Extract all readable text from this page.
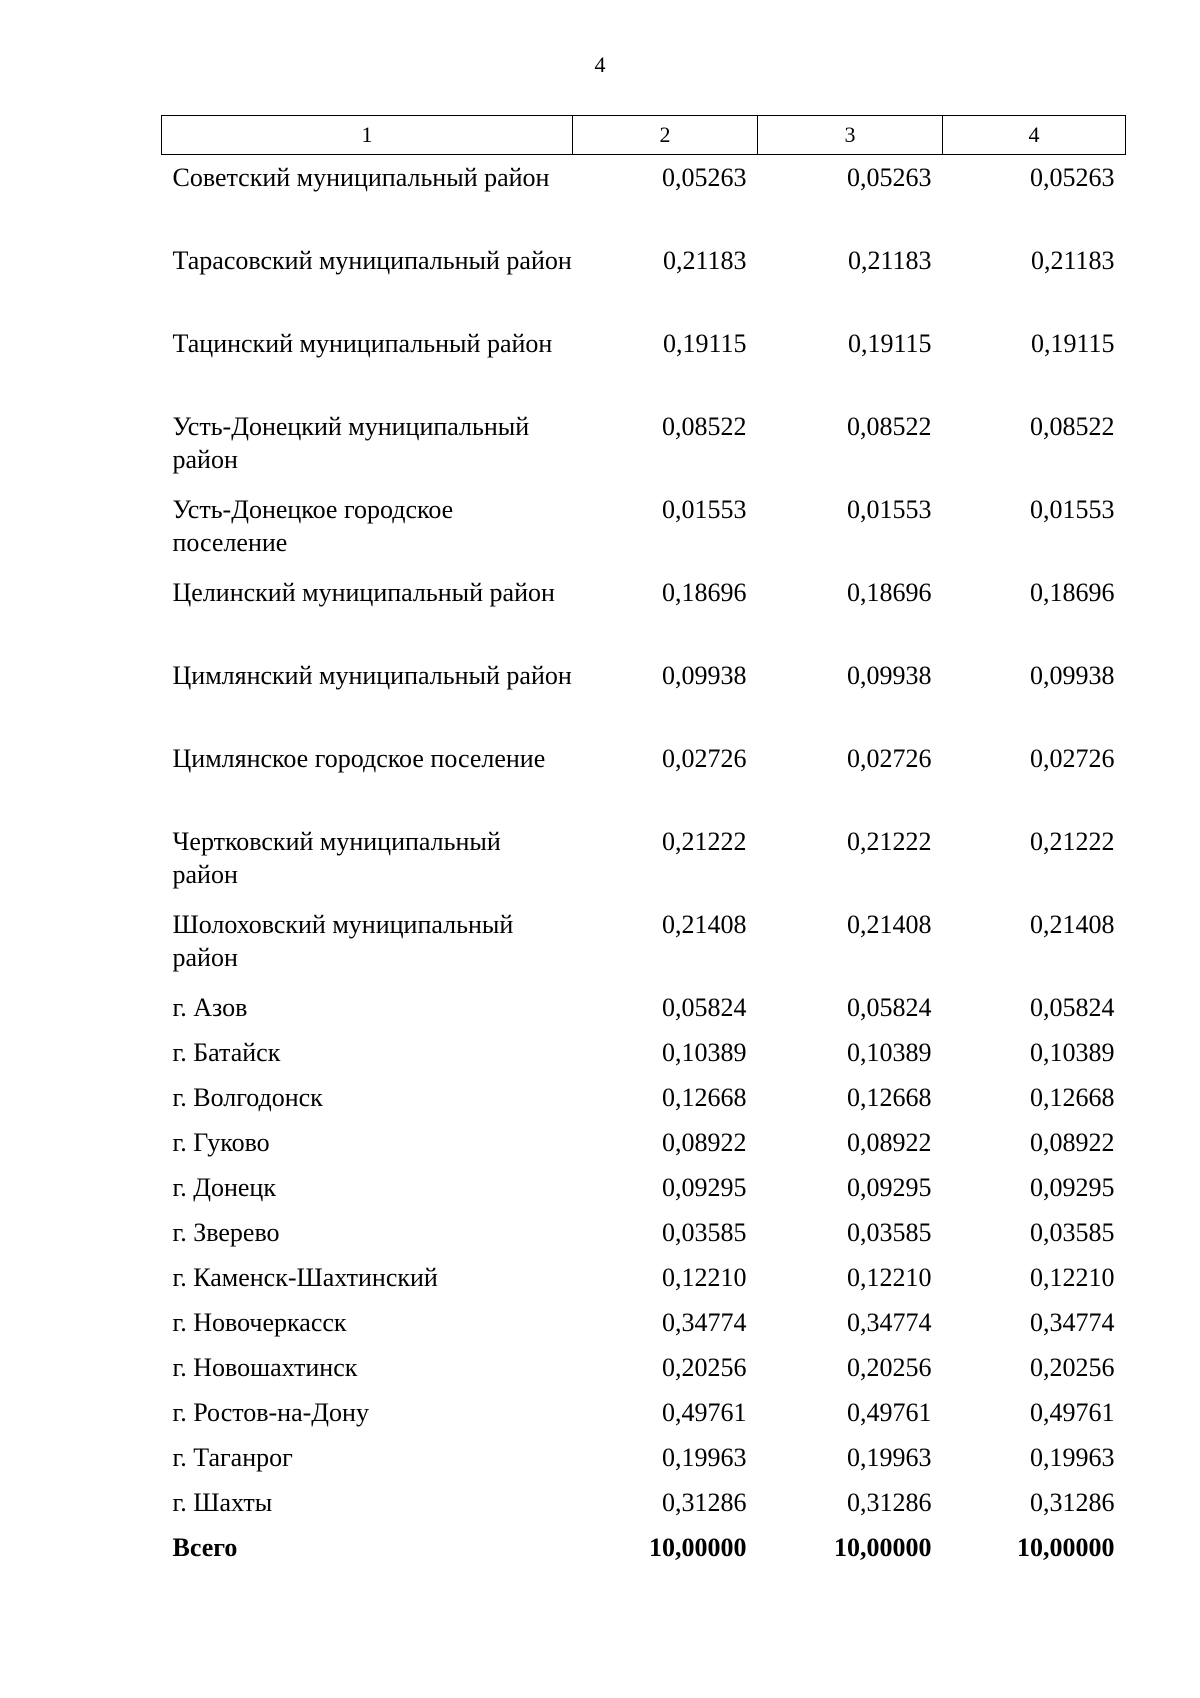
4
1	2	3	4
Советский муниципальный район	0,05263	0,05263	0,05263
Тарасовский муниципальный район	0,21183	0,21183	0,21183
Тацинский муниципальный район	0,19115	0,19115	0,19115
Усть-Донецкий муниципальный район	0,08522	0,08522	0,08522
Усть-Донецкое городское поселение	0,01553	0,01553	0,01553
Целинский муниципальный район	0,18696	0,18696	0,18696
Цимлянский муниципальный район	0,09938	0,09938	0,09938
Цимлянское городское поселение	0,02726	0,02726	0,02726
Чертковский муниципальный район	0,21222	0,21222	0,21222
Шолоховский муниципальный район	0,21408	0,21408	0,21408
г. Азов	0,05824	0,05824	0,05824
г. Батайск	0,10389	0,10389	0,10389
г. Волгодонск	0,12668	0,12668	0,12668
г. Гуково	0,08922	0,08922	0,08922
г. Донецк	0,09295	0,09295	0,09295
г. Зверево	0,03585	0,03585	0,03585
г. Каменск-Шахтинский	0,12210	0,12210	0,12210
г. Новочеркасск	0,34774	0,34774	0,34774
г. Новошахтинск	0,20256	0,20256	0,20256
г. Ростов-на-Дону	0,49761	0,49761	0,49761
г. Таганрог	0,19963	0,19963	0,19963
г. Шахты	0,31286	0,31286	0,31286
Всего	10,00000	10,00000	10,00000
